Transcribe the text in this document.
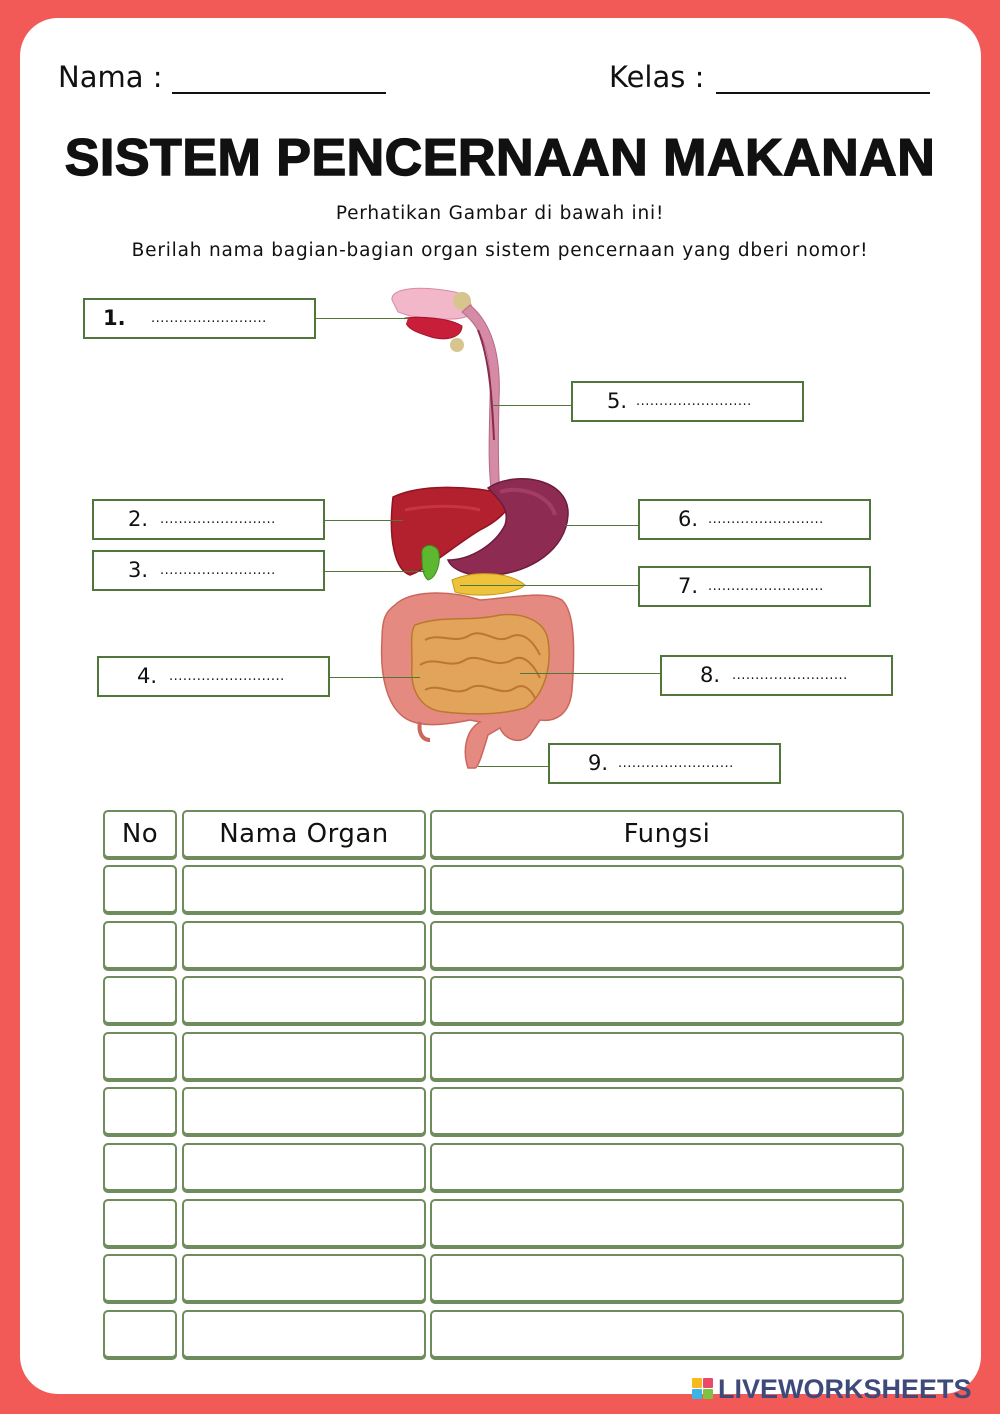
Nama :	Kelas :
SISTEM PENCERNAAN MAKANAN
Perhatikan Gambar di bawah ini!
Berilah nama bagian-bagian organ sistem pencernaan yang dberi nomor!
1. .........................
2. .........................
3. .........................
4. .........................
5. .........................
6. .........................
7. .........................
8. .........................
9. .........................
No	Nama Organ	Fungsi
LIVEWORKSHEETS
